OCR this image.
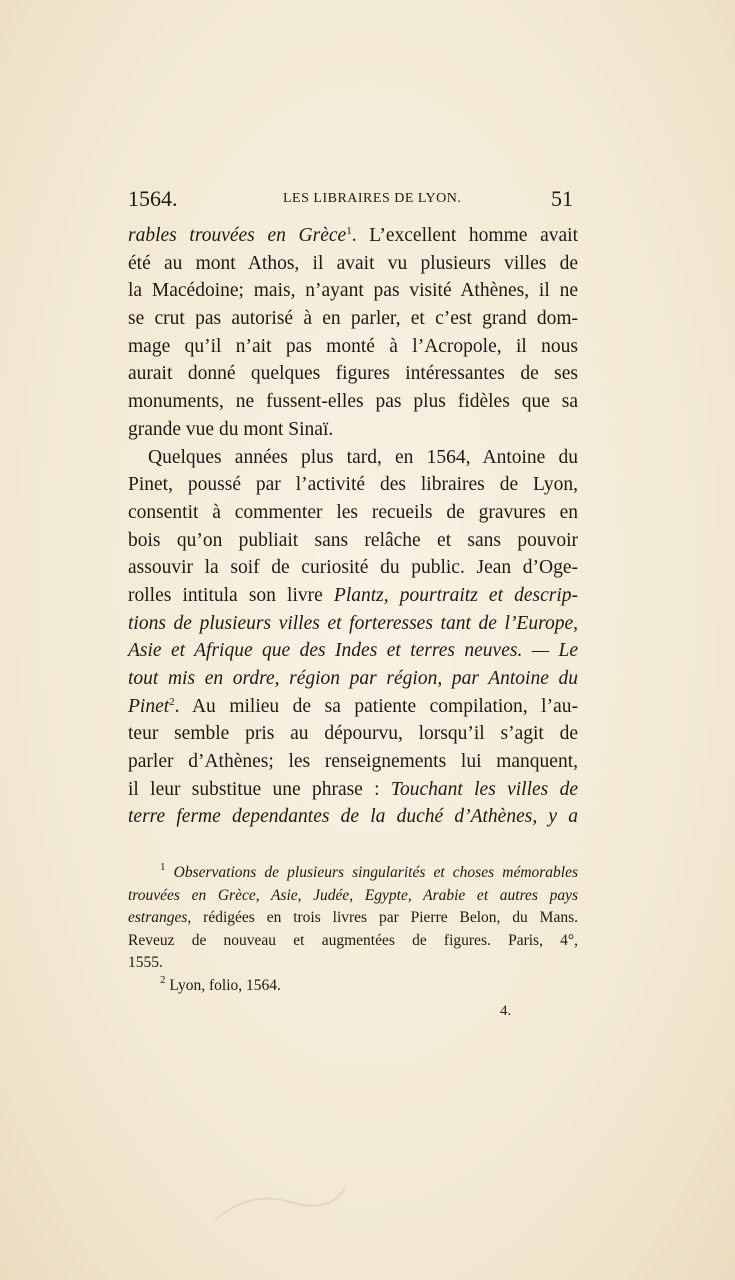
1564.	LES LIBRAIRES DE LYON.	51
rables trouvées en Grèce$^1$. L’excellent homme avait
été au mont Athos, il avait vu plusieurs villes de
la Macédoine; mais, n’ayant pas visité Athènes, il ne
se crut pas autorisé à en parler, et c’est grand dom-
mage qu’il n’ait pas monté à l’Acropole, il nous
aurait donné quelques figures intéressantes de ses
monuments, ne fussent-elles pas plus fidèles que sa
grande vue du mont Sinaï.
Quelques années plus tard, en 1564, Antoine du
Pinet, poussé par l’activité des libraires de Lyon,
consentit à commenter les recueils de gravures en
bois qu’on publiait sans relâche et sans pouvoir
assouvir la soif de curiosité du public. Jean d’Oge-
rolles intitula son livre Plantz, pourtraitz et descrip-
tions de plusieurs villes et forteresses tant de l’Europe,
Asie et Afrique que des Indes et terres neuves. — Le
tout mis en ordre, région par région, par Antoine du
Pinet$^2$. Au milieu de sa patiente compilation, l’au-
teur semble pris au dépourvu, lorsqu’il s’agit de
parler d’Athènes; les renseignements lui manquent,
il leur substitue une phrase : Touchant les villes de
terre ferme dependantes de la duché d’Athènes, y a
$^1$ Observations de plusieurs singularités et choses mémorables
trouvées en Grèce, Asie, Judée, Egypte, Arabie et autres pays
estranges, rédigées en trois livres par Pierre Belon, du Mans.
Reveuz de nouveau et augmentées de figures. Paris, 4°,
1555.
$^2$ Lyon, folio, 1564.
4.
